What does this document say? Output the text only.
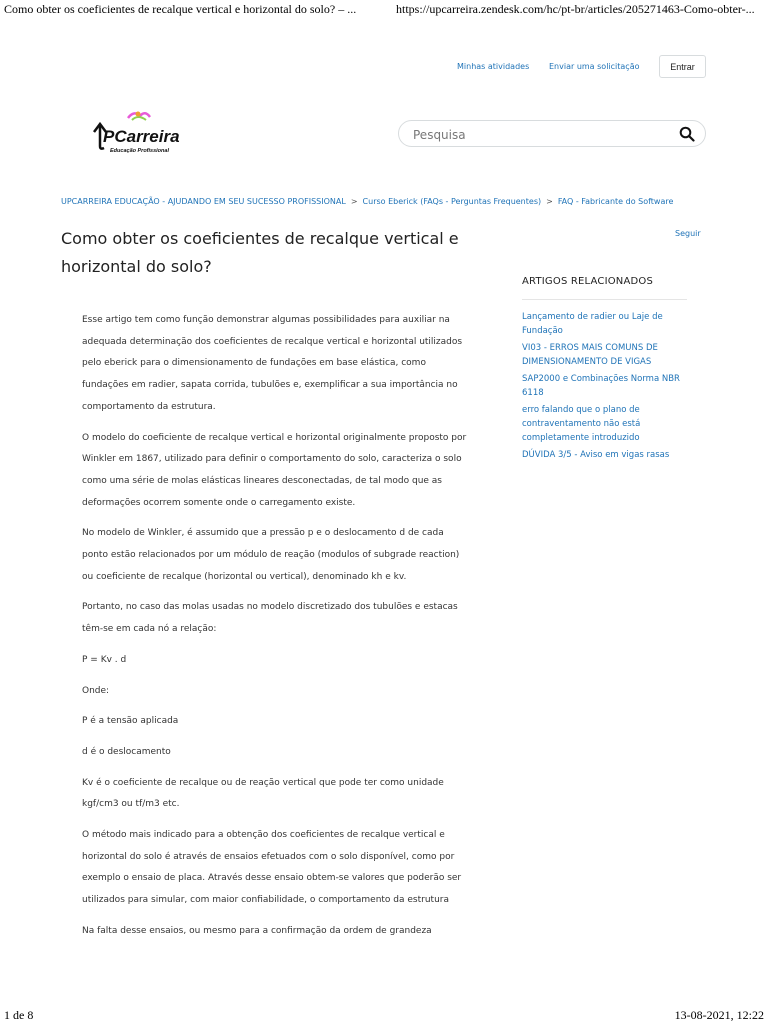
Como obter os coeficientes de recalque vertical e horizontal do solo? – ...	https://upcarreira.zendesk.com/hc/pt-br/articles/205271463-Como-obter-...
Minhas atividades Enviar uma solicitação	Entrar
PCarreira
Educação Profissional
Pesquisa
UPCARREIRA EDUCAÇÃO - AJUDANDO EM SEU SUCESSO PROFISSIONAL > Curso Eberick (FAQs - Perguntas Frequentes) > FAQ - Fabricante do Software
Como obter os coeficientes de recalque vertical e horizontal do solo?
Seguir
ARTIGOS RELACIONADOS
Lançamento de radier ou Laje de Fundação
VI03 - ERROS MAIS COMUNS DE DIMENSIONAMENTO DE VIGAS
SAP2000 e Combinações Norma NBR 6118
erro falando que o plano de contraventamento não está completamente introduzido
DÚVIDA 3/5 - Aviso em vigas rasas

Esse artigo tem como função demonstrar algumas possibilidades para auxiliar na adequada determinação dos coeficientes de recalque vertical e horizontal utilizados pelo eberick para o dimensionamento de fundações em base elástica, como fundações em radier, sapata corrida, tubulões e, exemplificar a sua importância no comportamento da estrutura.

O modelo do coeficiente de recalque vertical e horizontal originalmente proposto por Winkler em 1867, utilizado para definir o comportamento do solo, caracteriza o solo como uma série de molas elásticas lineares desconectadas, de tal modo que as deformações ocorrem somente onde o carregamento existe.

No modelo de Winkler, é assumido que a pressão p e o deslocamento d de cada ponto estão relacionados por um módulo de reação (modulos of subgrade reaction) ou coeficiente de recalque (horizontal ou vertical), denominado kh e kv.

Portanto, no caso das molas usadas no modelo discretizado dos tubulões e estacas têm-se em cada nó a relação:

P = Kv . d

Onde:

P é a tensão aplicada

d é o deslocamento

Kv é o coeficiente de recalque ou de reação vertical que pode ter como unidade kgf/cm3 ou tf/m3 etc.

O método mais indicado para a obtenção dos coeficientes de recalque vertical e horizontal do solo é através de ensaios efetuados com o solo disponível, como por exemplo o ensaio de placa. Através desse ensaio obtem-se valores que poderão ser utilizados para simular, com maior confiabilidade, o comportamento da estrutura

Na falta desse ensaios, ou mesmo para a confirmação da ordem de grandeza

1 de 8	13-08-2021, 12:22
